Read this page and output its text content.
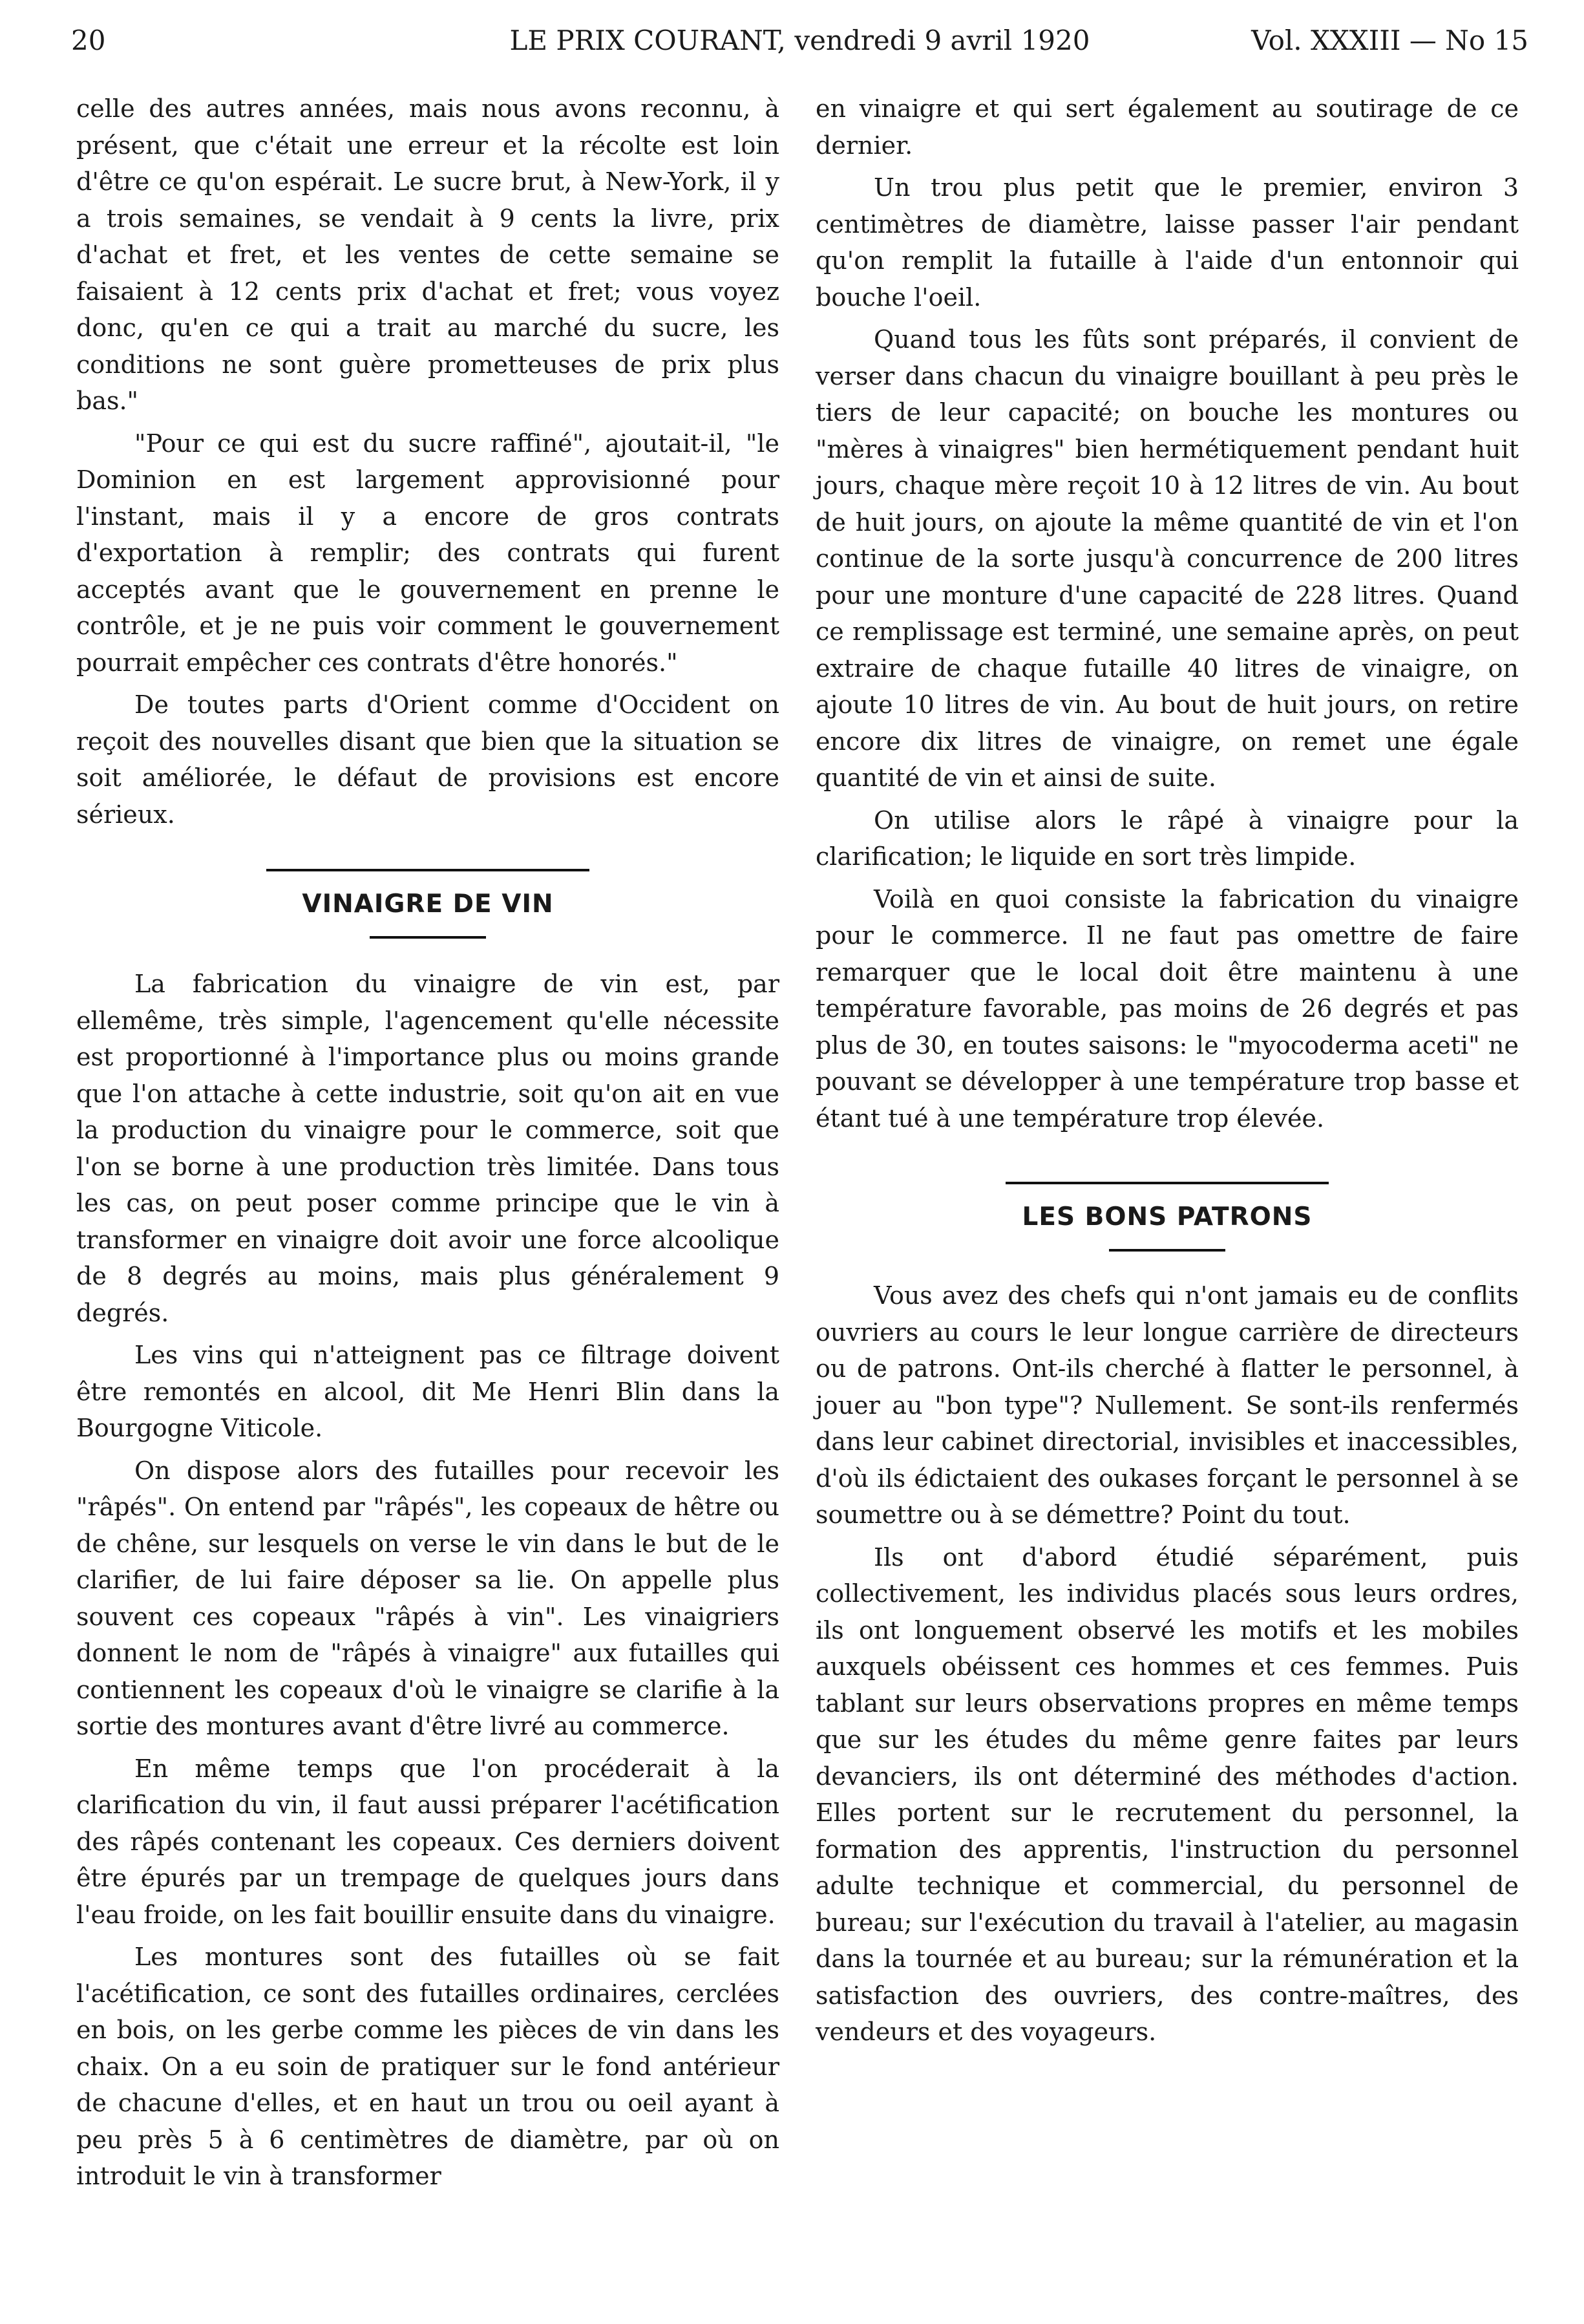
20	LE PRIX COURANT, vendredi 9 avril 1920	Vol. XXXIII — No 15

celle des autres années, mais nous avons reconnu, à présent, que c'était une erreur et la récolte est loin d'être ce qu'on espérait. Le sucre brut, à New-York, il y a trois semaines, se vendait à 9 cents la livre, prix d'achat et fret, et les ventes de cette semaine se faisaient à 12 cents prix d'achat et fret; vous voyez donc, qu'en ce qui a trait au marché du sucre, les conditions ne sont guère prometteuses de prix plus bas."

"Pour ce qui est du sucre raffiné", ajoutait-il, "le Dominion en est largement approvisionné pour l'instant, mais il y a encore de gros contrats d'exportation à remplir; des contrats qui furent acceptés avant que le gouvernement en prenne le contrôle, et je ne puis voir comment le gouvernement pourrait empêcher ces contrats d'être honorés."

De toutes parts d'Orient comme d'Occident on reçoit des nouvelles disant que bien que la situation se soit améliorée, le défaut de provisions est encore sérieux.

VINAIGRE DE VIN

La fabrication du vinaigre de vin est, par ellemême, très simple, l'agencement qu'elle nécessite est proportionné à l'importance plus ou moins grande que l'on attache à cette industrie, soit qu'on ait en vue la production du vinaigre pour le commerce, soit que l'on se borne à une production très limitée. Dans tous les cas, on peut poser comme principe que le vin à transformer en vinaigre doit avoir une force alcoolique de 8 degrés au moins, mais plus généralement 9 degrés.

Les vins qui n'atteignent pas ce filtrage doivent être remontés en alcool, dit Me Henri Blin dans la Bourgogne Viticole.

On dispose alors des futailles pour recevoir les "râpés". On entend par "râpés", les copeaux de hêtre ou de chêne, sur lesquels on verse le vin dans le but de le clarifier, de lui faire déposer sa lie. On appelle plus souvent ces copeaux "râpés à vin". Les vinaigriers donnent le nom de "râpés à vinaigre" aux futailles qui contiennent les copeaux d'où le vinaigre se clarifie à la sortie des montures avant d'être livré au commerce.

En même temps que l'on procéderait à la clarification du vin, il faut aussi préparer l'acétification des râpés contenant les copeaux. Ces derniers doivent être épurés par un trempage de quelques jours dans l'eau froide, on les fait bouillir ensuite dans du vinaigre.

Les montures sont des futailles où se fait l'acétification, ce sont des futailles ordinaires, cerclées en bois, on les gerbe comme les pièces de vin dans les chaix. On a eu soin de pratiquer sur le fond antérieur de chacune d'elles, et en haut un trou ou oeil ayant à peu près 5 à 6 centimètres de diamètre, par où on introduit le vin à transformer

en vinaigre et qui sert également au soutirage de ce dernier.

Un trou plus petit que le premier, environ 3 centimètres de diamètre, laisse passer l'air pendant qu'on remplit la futaille à l'aide d'un entonnoir qui bouche l'oeil.

Quand tous les fûts sont préparés, il convient de verser dans chacun du vinaigre bouillant à peu près le tiers de leur capacité; on bouche les montures ou "mères à vinaigres" bien hermétiquement pendant huit jours, chaque mère reçoit 10 à 12 litres de vin. Au bout de huit jours, on ajoute la même quantité de vin et l'on continue de la sorte jusqu'à concurrence de 200 litres pour une monture d'une capacité de 228 litres. Quand ce remplissage est terminé, une semaine après, on peut extraire de chaque futaille 40 litres de vinaigre, on ajoute 10 litres de vin. Au bout de huit jours, on retire encore dix litres de vinaigre, on remet une égale quantité de vin et ainsi de suite.

On utilise alors le râpé à vinaigre pour la clarification; le liquide en sort très limpide.

Voilà en quoi consiste la fabrication du vinaigre pour le commerce. Il ne faut pas omettre de faire remarquer que le local doit être maintenu à une température favorable, pas moins de 26 degrés et pas plus de 30, en toutes saisons: le "myocoderma aceti" ne pouvant se développer à une température trop basse et étant tué à une température trop élevée.

LES BONS PATRONS

Vous avez des chefs qui n'ont jamais eu de conflits ouvriers au cours le leur longue carrière de directeurs ou de patrons. Ont-ils cherché à flatter le personnel, à jouer au "bon type"? Nullement. Se sont-ils renfermés dans leur cabinet directorial, invisibles et inaccessibles, d'où ils édictaient des oukases forçant le personnel à se soumettre ou à se démettre? Point du tout.

Ils ont d'abord étudié séparément, puis collectivement, les individus placés sous leurs ordres, ils ont longuement observé les motifs et les mobiles auxquels obéissent ces hommes et ces femmes. Puis tablant sur leurs observations propres en même temps que sur les études du même genre faites par leurs devanciers, ils ont déterminé des méthodes d'action. Elles portent sur le recrutement du personnel, la formation des apprentis, l'instruction du personnel adulte technique et commercial, du personnel de bureau; sur l'exécution du travail à l'atelier, au magasin dans la tournée et au bureau; sur la rémunération et la satisfaction des ouvriers, des contre-maîtres, des vendeurs et des voyageurs.
